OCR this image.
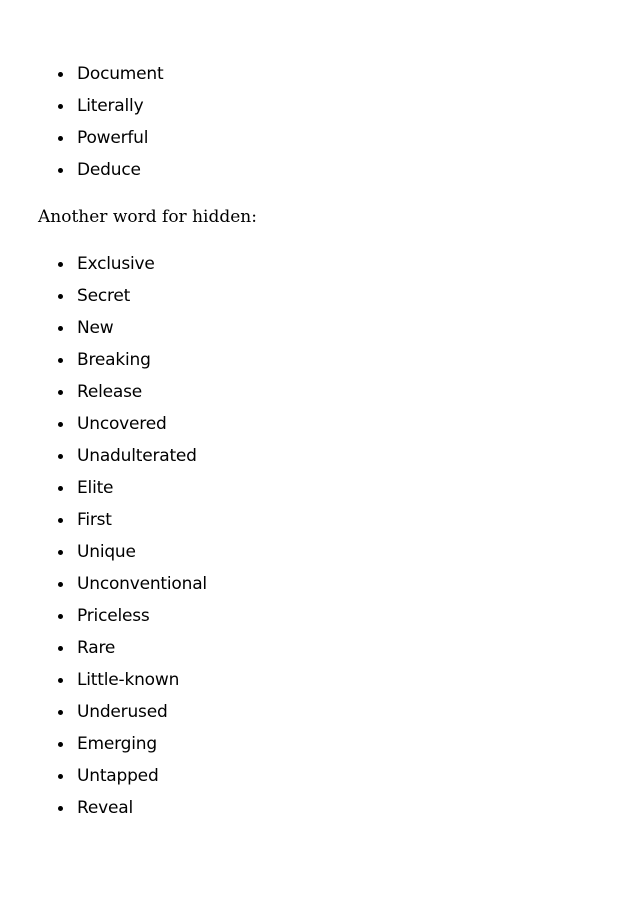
Document
Literally
Powerful
Deduce
Another word for hidden:
Exclusive
Secret
New
Breaking
Release
Uncovered
Unadulterated
Elite
First
Unique
Unconventional
Priceless
Rare
Little-known
Underused
Emerging
Untapped
Reveal
